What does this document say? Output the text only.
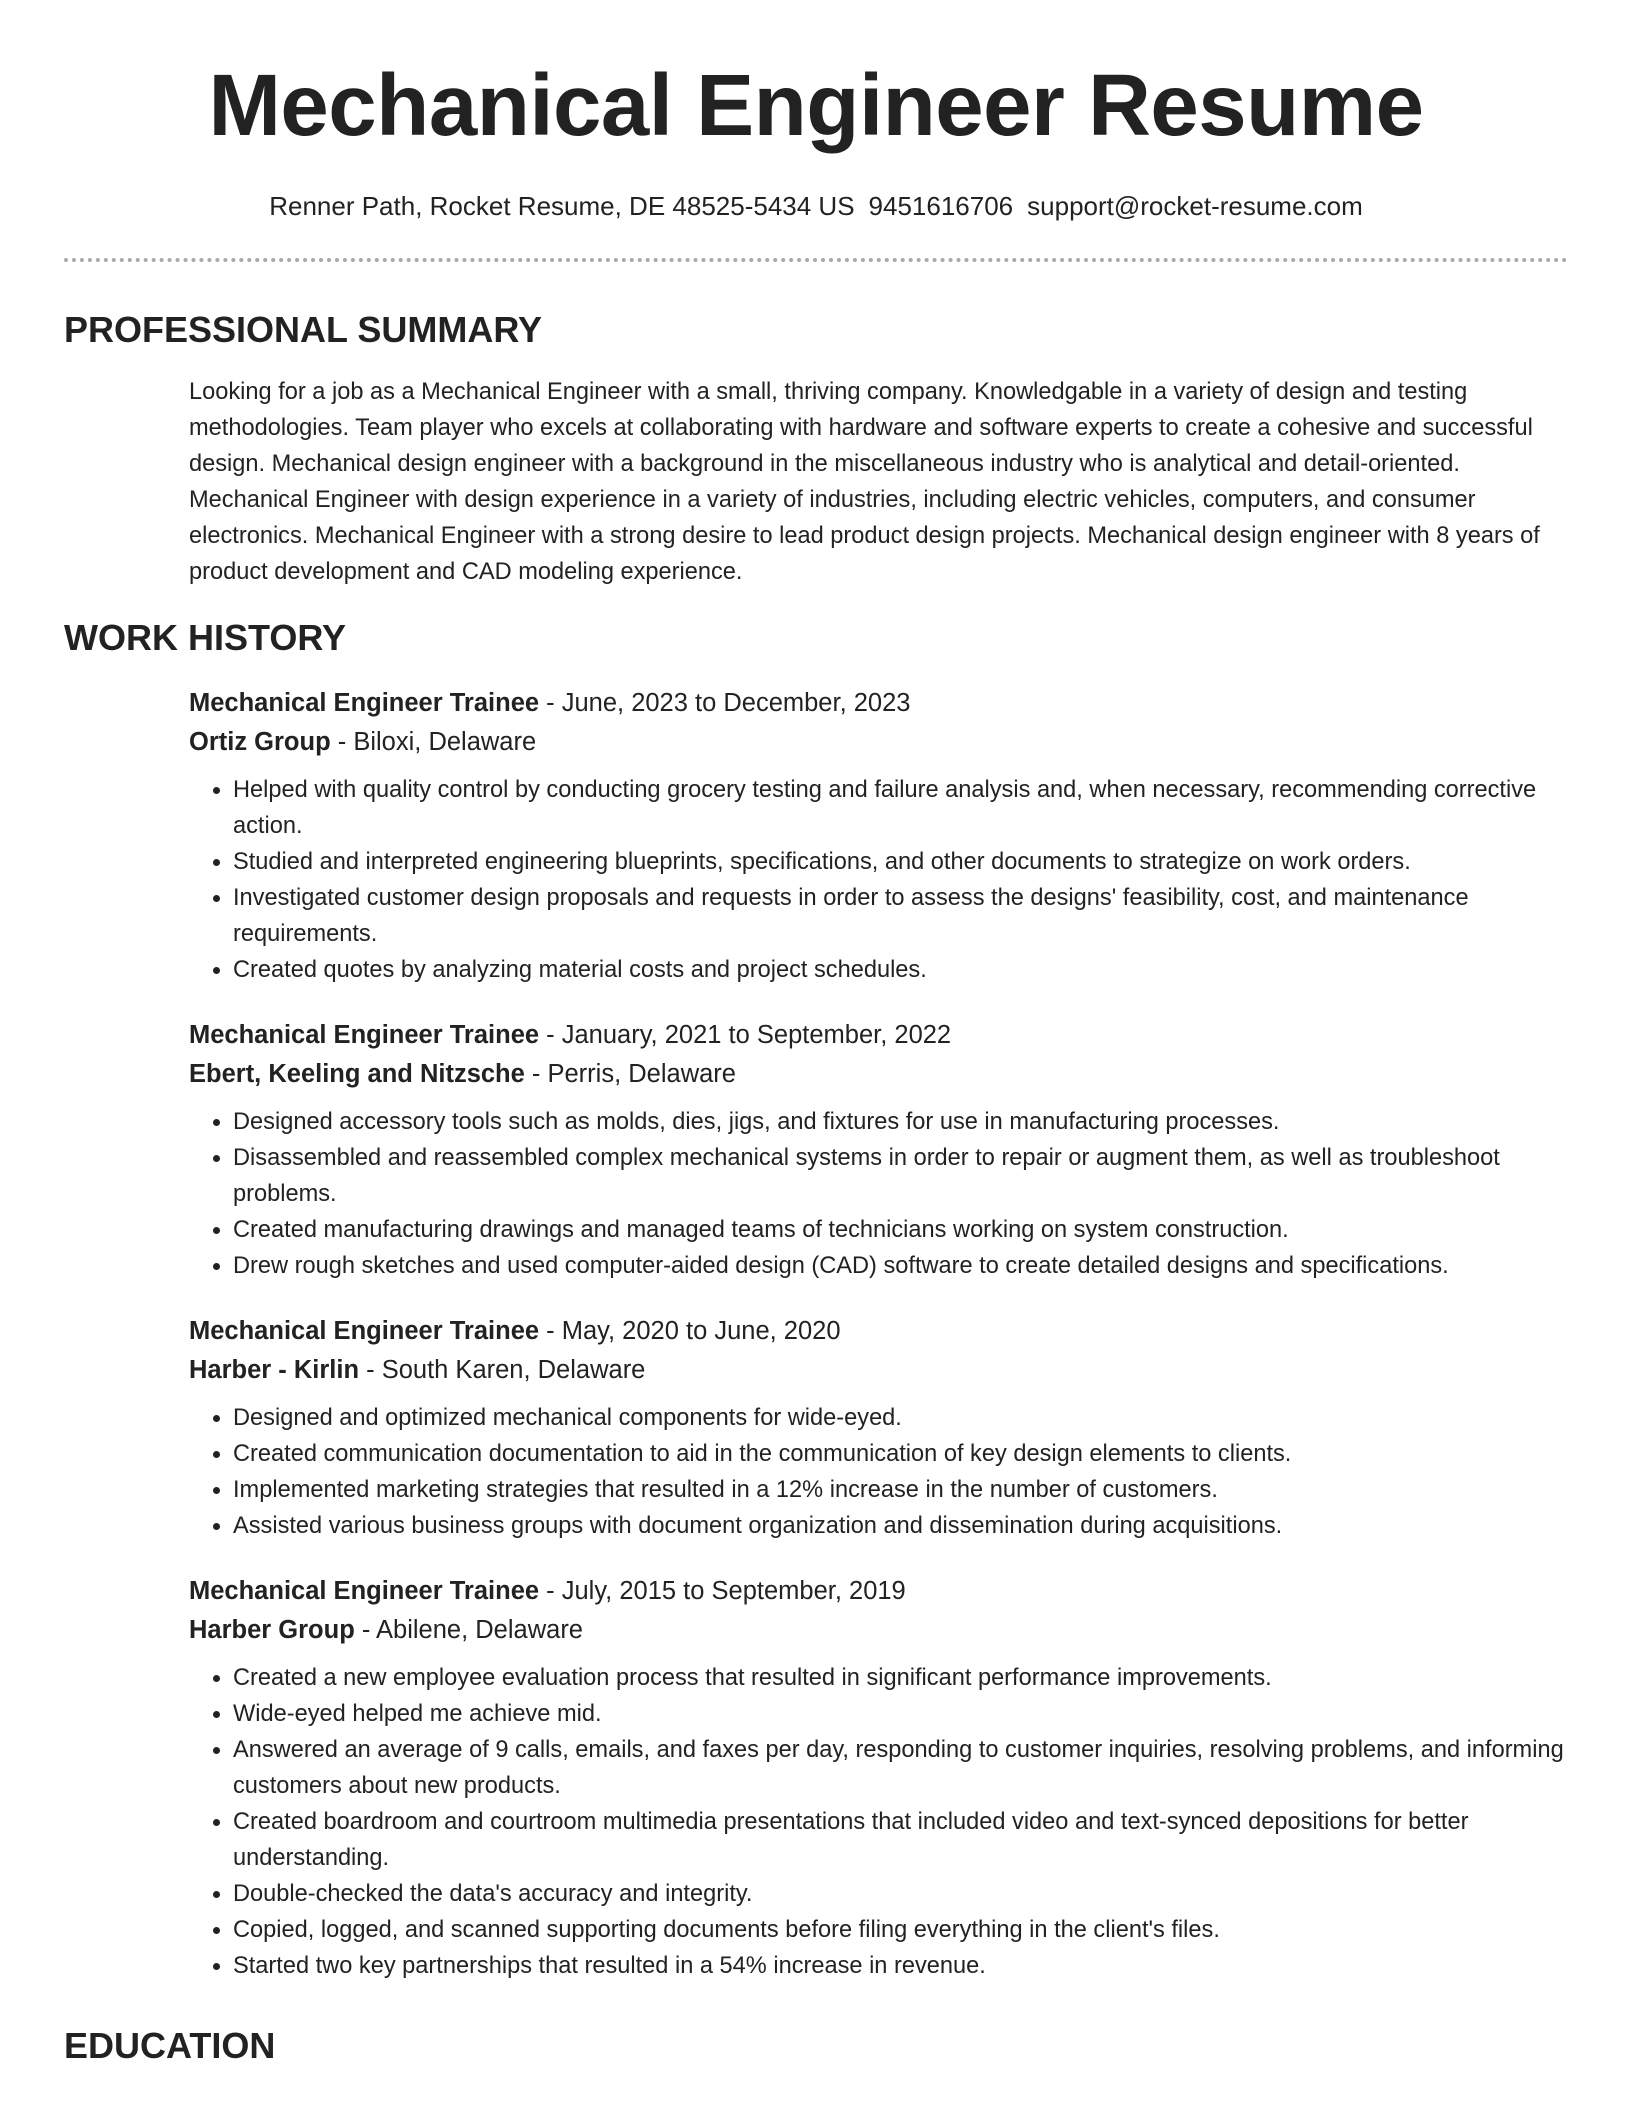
Mechanical Engineer Resume
Renner Path, Rocket Resume, DE 48525-5434 US 9451616706 support@rocket-resume.com
PROFESSIONAL SUMMARY

Looking for a job as a Mechanical Engineer with a small, thriving company. Knowledgable in a variety of design and testing methodologies. Team player who excels at collaborating with hardware and software experts to create a cohesive and successful design. Mechanical design engineer with a background in the miscellaneous industry who is analytical and detail-oriented. Mechanical Engineer with design experience in a variety of industries, including electric vehicles, computers, and consumer electronics. Mechanical Engineer with a strong desire to lead product design projects. Mechanical design engineer with 8 years of product development and CAD modeling experience.

WORK HISTORY
Mechanical Engineer Trainee - June, 2023 to December, 2023
Ortiz Group - Biloxi, Delaware
• Helped with quality control by conducting grocery testing and failure analysis and, when necessary, recommending corrective action.
• Studied and interpreted engineering blueprints, specifications, and other documents to strategize on work orders.
• Investigated customer design proposals and requests in order to assess the designs' feasibility, cost, and maintenance requirements.
• Created quotes by analyzing material costs and project schedules.
Mechanical Engineer Trainee - January, 2021 to September, 2022
Ebert, Keeling and Nitzsche - Perris, Delaware
• Designed accessory tools such as molds, dies, jigs, and fixtures for use in manufacturing processes.
• Disassembled and reassembled complex mechanical systems in order to repair or augment them, as well as troubleshoot problems.
• Created manufacturing drawings and managed teams of technicians working on system construction.
• Drew rough sketches and used computer-aided design (CAD) software to create detailed designs and specifications.
Mechanical Engineer Trainee - May, 2020 to June, 2020
Harber - Kirlin - South Karen, Delaware
• Designed and optimized mechanical components for wide-eyed.
• Created communication documentation to aid in the communication of key design elements to clients.
• Implemented marketing strategies that resulted in a 12% increase in the number of customers.
• Assisted various business groups with document organization and dissemination during acquisitions.
Mechanical Engineer Trainee - July, 2015 to September, 2019
Harber Group - Abilene, Delaware
• Created a new employee evaluation process that resulted in significant performance improvements.
• Wide-eyed helped me achieve mid.
• Answered an average of 9 calls, emails, and faxes per day, responding to customer inquiries, resolving problems, and informing customers about new products.
• Created boardroom and courtroom multimedia presentations that included video and text-synced depositions for better understanding.
• Double-checked the data's accuracy and integrity.
• Copied, logged, and scanned supporting documents before filing everything in the client's files.
• Started two key partnerships that resulted in a 54% increase in revenue.
EDUCATION
